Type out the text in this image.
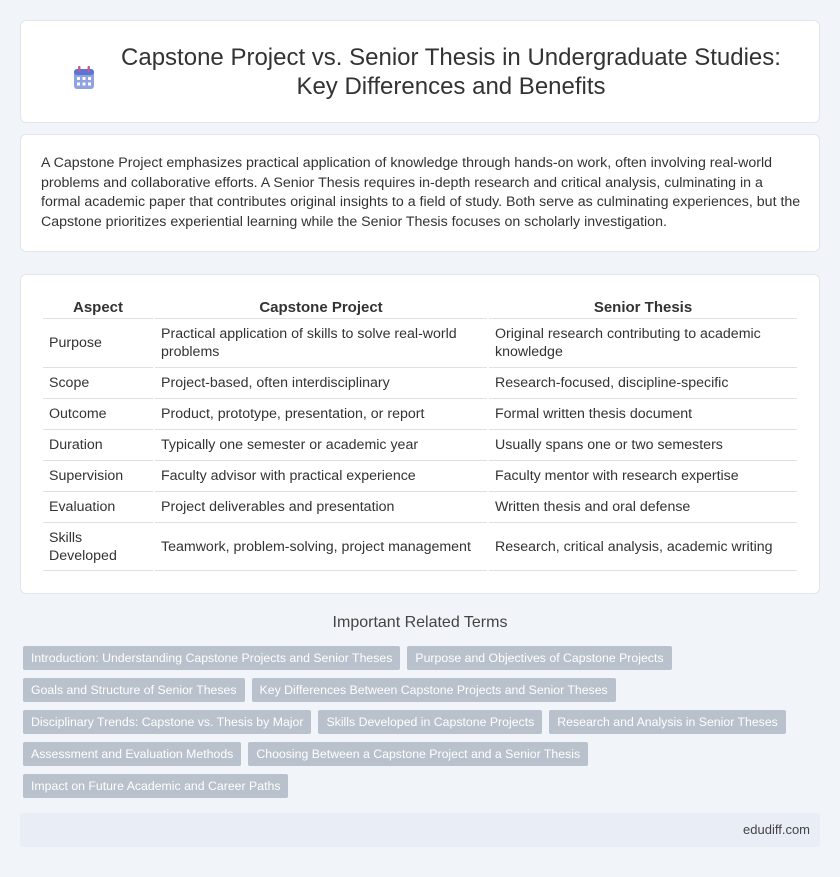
Capstone Project vs. Senior Thesis in Undergraduate Studies: Key Differences and Benefits

A Capstone Project emphasizes practical application of knowledge through hands-on work, often involving real-world problems and collaborative efforts. A Senior Thesis requires in-depth research and critical analysis, culminating in a formal academic paper that contributes original insights to a field of study. Both serve as culminating experiences, but the Capstone prioritizes experiential learning while the Senior Thesis focuses on scholarly investigation.

Aspect	Capstone Project	Senior Thesis
Purpose	Practical application of skills to solve real-world problems	Original research contributing to academic knowledge
Scope	Project-based, often interdisciplinary	Research-focused, discipline-specific
Outcome	Product, prototype, presentation, or report	Formal written thesis document
Duration	Typically one semester or academic year	Usually spans one or two semesters
Supervision	Faculty advisor with practical experience	Faculty mentor with research expertise
Evaluation	Project deliverables and presentation	Written thesis and oral defense
Skills Developed	Teamwork, problem-solving, project management	Research, critical analysis, academic writing
Important Related Terms
Introduction: Understanding Capstone Projects and Senior Theses	Purpose and Objectives of Capstone Projects
Goals and Structure of Senior Theses	Key Differences Between Capstone Projects and Senior Theses
Disciplinary Trends: Capstone vs. Thesis by Major	Skills Developed in Capstone Projects	Research and Analysis in Senior Theses
Assessment and Evaluation Methods	Choosing Between a Capstone Project and a Senior Thesis
Impact on Future Academic and Career Paths
edudiff.com
